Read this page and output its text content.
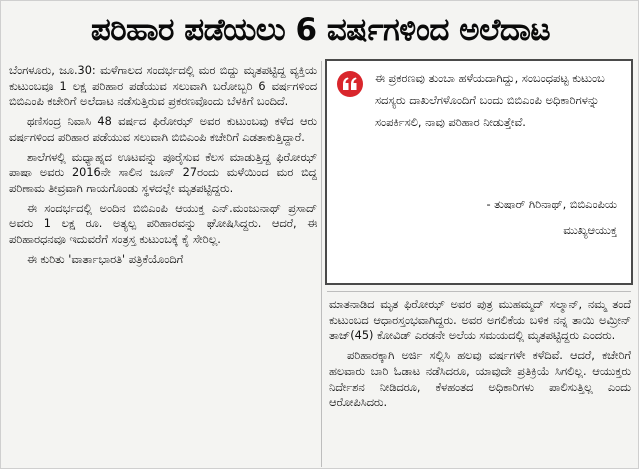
ಪರಿಹಾರ ಪಡೆಯಲು 6 ವರ್ಷಗಳಿಂದ ಅಲೆದಾಟ

ಬೆಂಗಳೂರು, ಜೂ.30: ಮಳೆಗಾಲದ ಸಂದರ್ಭದಲ್ಲಿ ಮರ ಬಿದ್ದು ಮೃತಪಟ್ಟಿದ್ದ ವ್ಯಕ್ತಿಯ ಕುಟುಂಬವೂ 1 ಲಕ್ಷ ಪರಿಹಾರ ಪಡೆಯುವ ಸಲುವಾಗಿ ಬರೋಬ್ಬರಿ 6 ವರ್ಷಗಳಿಂದ ಬಿಬಿಎಂಪಿ ಕಚೇರಿಗೆ ಅಲೆದಾಟ ನಡೆಸುತ್ತಿರುವ ಪ್ರಕರಣವೊಂದು ಬೆಳಕಿಗೆ ಬಂದಿದೆ.

ಥಣಿಸಂದ್ರ ನಿವಾಸಿ 48 ವರ್ಷದ ಫಿರೋಝ್ ಅವರ ಕುಟುಂಬವು ಕಳೆದ ಆರು ವರ್ಷಗಳಿಂದ ಪರಿಹಾರ ಪಡೆಯುವ ಸಲುವಾಗಿ ಬಿಬಿಎಂಪಿ ಕಚೇರಿಗೆ ಎಡತಾಕುತ್ತಿದ್ದಾರೆ.

ಶಾಲೆಗಳಲ್ಲಿ ಮಧ್ಯಾಹ್ನದ ಊಟವನ್ನು ಪೂರೈಸುವ ಕೆಲಸ ಮಾಡುತ್ತಿದ್ದ ಫಿರೋಝ್ ಪಾಷಾ ಅವರು 2016ನೇ ಸಾಲಿನ ಜೂನ್ 27ರಂದು ಮಳೆಯಿಂದ ಮರ ಬಿದ್ದ ಪರಿಣಾಮ ತೀವ್ರವಾಗಿ ಗಾಯಗೊಂಡು ಸ್ಥಳದಲ್ಲೇ ಮೃತಪಟ್ಟಿದ್ದರು.

ಈ ಸಂದರ್ಭದಲ್ಲಿ ಅಂದಿನ ಬಿಬಿಎಂಪಿ ಆಯುಕ್ತ ಎನ್.ಮಂಜುನಾಥ್ ಪ್ರಸಾದ್ ಅವರು 1 ಲಕ್ಷ ರೂ. ಅತ್ಯಲ್ಪ ಪರಿಹಾರವನ್ನು ಘೋಷಿಸಿದ್ದರು. ಆದರೆ, ಈ ಪರಿಹಾರಧನವೂ ಇದುವರೆಗೆ ಸಂತ್ರಸ್ತ ಕುಟುಂಬಕ್ಕೆ ಕೈ ಸೇರಿಲ್ಲ.

ಈ ಕುರಿತು 'ವಾರ್ತಾಭಾರತಿ' ಪತ್ರಿಕೆಯೊಂದಿಗೆ

ಈ ಪ್ರಕರಣವು ತುಂಬಾ ಹಳೆಯದಾಗಿದ್ದು, ಸಂಬಂಧಪಟ್ಟ ಕುಟುಂಬ ಸದಸ್ಯರು ದಾಖಲೆಗಳೊಂದಿಗೆ ಬಂದು ಬಿಬಿಎಂಪಿ ಅಧಿಕಾರಿಗಳನ್ನು ಸಂಪರ್ಕಿಸಲಿ, ನಾವು ಪರಿಹಾರ ನೀಡುತ್ತೇವೆ.
- ತುಷಾರ್ ಗಿರಿನಾಥ್, ಬಿಬಿಎಂಪಿಯ
ಮುಖ್ಯಆಯುಕ್ತ

ಮಾತನಾಡಿದ ಮೃತ ಫಿರೋಝ್ ಅವರ ಪುತ್ರ ಮುಹಮ್ಮದ್ ಸಲ್ಮಾನ್, ನಮ್ಮ ತಂದೆ ಕುಟುಂಬದ ಆಧಾರಸ್ತಂಭವಾಗಿದ್ದರು. ಅವರ ಅಗಲಿಕೆಯ ಬಳಿಕ ನನ್ನ ತಾಯಿ ಅಮ್ರೀನ್ ತಾಜ್(45) ಕೋವಿಡ್ ಎರಡನೇ ಅಲೆಯ ಸಮಯದಲ್ಲಿ ಮೃತಪಟ್ಟಿದ್ದರು ಎಂದರು.

ಪರಿಹಾರಕ್ಕಾಗಿ ಅರ್ಜಿ ಸಲ್ಲಿಸಿ ಹಲವು ವರ್ಷಗಳೇ ಕಳೆದಿವೆ. ಆದರೆ, ಕಚೇರಿಗೆ ಹಲವಾರು ಬಾರಿ ಓಡಾಟ ನಡೆಸಿದರೂ, ಯಾವುದೇ ಪ್ರತಿಕ್ರಿಯೆ ಸಿಗಲಿಲ್ಲ. ಆಯುಕ್ತರು ನಿರ್ದೇಶನ ನೀಡಿದರೂ, ಕೆಳಹಂತದ ಅಧಿಕಾರಿಗಳು ಪಾಲಿಸುತ್ತಿಲ್ಲ ಎಂದು ಆರೋಪಿಸಿದರು.
